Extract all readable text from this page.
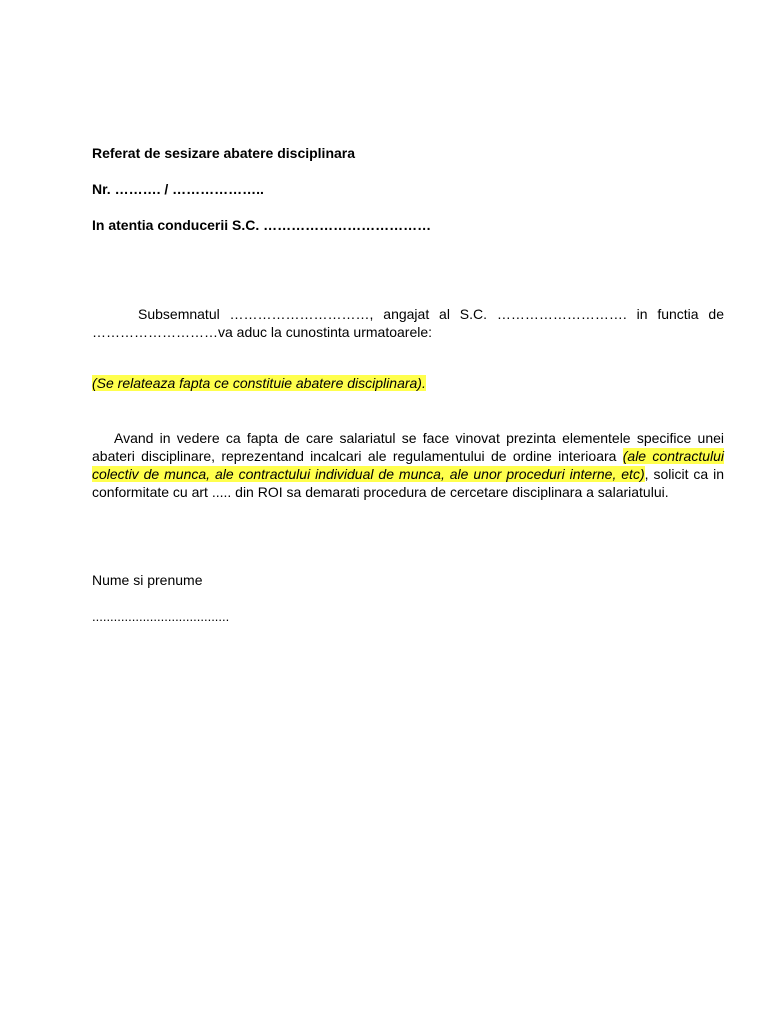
Referat de sesizare abatere disciplinara
Nr. ………. / ………………..
In atentia conducerii S.C. ………………………………
Subsemnatul …………………………, angajat al S.C. ………………………. in functia de ………………………va aduc la cunostinta urmatoarele:
(Se relateaza fapta ce constituie abatere disciplinara).
Avand in vedere ca fapta de care salariatul se face vinovat prezinta elementele specifice unei abateri disciplinare, reprezentand incalcari ale regulamentului de ordine interioara (ale contractului colectiv de munca, ale contractului individual de munca, ale unor proceduri interne, etc), solicit ca in conformitate cu art ..... din ROI sa demarati procedura de cercetare disciplinara a salariatului.
Nume si prenume
......................................
